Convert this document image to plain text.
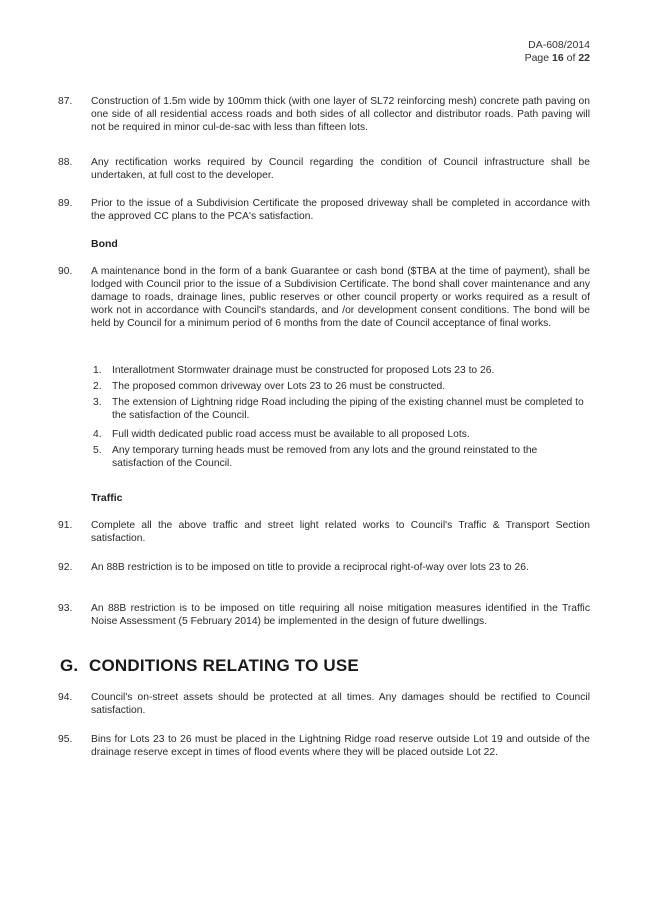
DA-608/2014
Page 16 of 22
87.	Construction of 1.5m wide by 100mm thick (with one layer of SL72 reinforcing mesh) concrete path paving on one side of all residential access roads and both sides of all collector and distributor roads. Path paving will not be required in minor cul-de-sac with less than fifteen lots.
88.	Any rectification works required by Council regarding the condition of Council infrastructure shall be undertaken, at full cost to the developer.
89.	Prior to the issue of a Subdivision Certificate the proposed driveway shall be completed in accordance with the approved CC plans to the PCA's satisfaction.
Bond
90.	A maintenance bond in the form of a bank Guarantee or cash bond ($TBA at the time of payment), shall be lodged with Council prior to the issue of a Subdivision Certificate. The bond shall cover maintenance and any damage to roads, drainage lines, public reserves or other council property or works required as a result of work not in accordance with Council's standards, and /or development consent conditions. The bond will be held by Council for a minimum period of 6 months from the date of Council acceptance of final works.
1.	Interallotment Stormwater drainage must be constructed for proposed Lots 23 to 26.
2.	The proposed common driveway over Lots 23 to 26 must be constructed.
3.	The extension of Lightning ridge Road including the piping of the existing channel must be completed to the satisfaction of the Council.
4.	Full width dedicated public road access must be available to all proposed Lots.
5.	Any temporary turning heads must be removed from any lots and the ground reinstated to the satisfaction of the Council.
Traffic
91.	Complete all the above traffic and street light related works to Council's Traffic & Transport Section satisfaction.
92.	An 88B restriction is to be imposed on title to provide a reciprocal right-of-way over lots 23 to 26.
93.	An 88B restriction is to be imposed on title requiring all noise mitigation measures identified in the Traffic Noise Assessment (5 February 2014) be implemented in the design of future dwellings.
G. CONDITIONS RELATING TO USE
94.	Council's on-street assets should be protected at all times. Any damages should be rectified to Council satisfaction.
95.	Bins for Lots 23 to 26 must be placed in the Lightning Ridge road reserve outside Lot 19 and outside of the drainage reserve except in times of flood events where they will be placed outside Lot 22.
